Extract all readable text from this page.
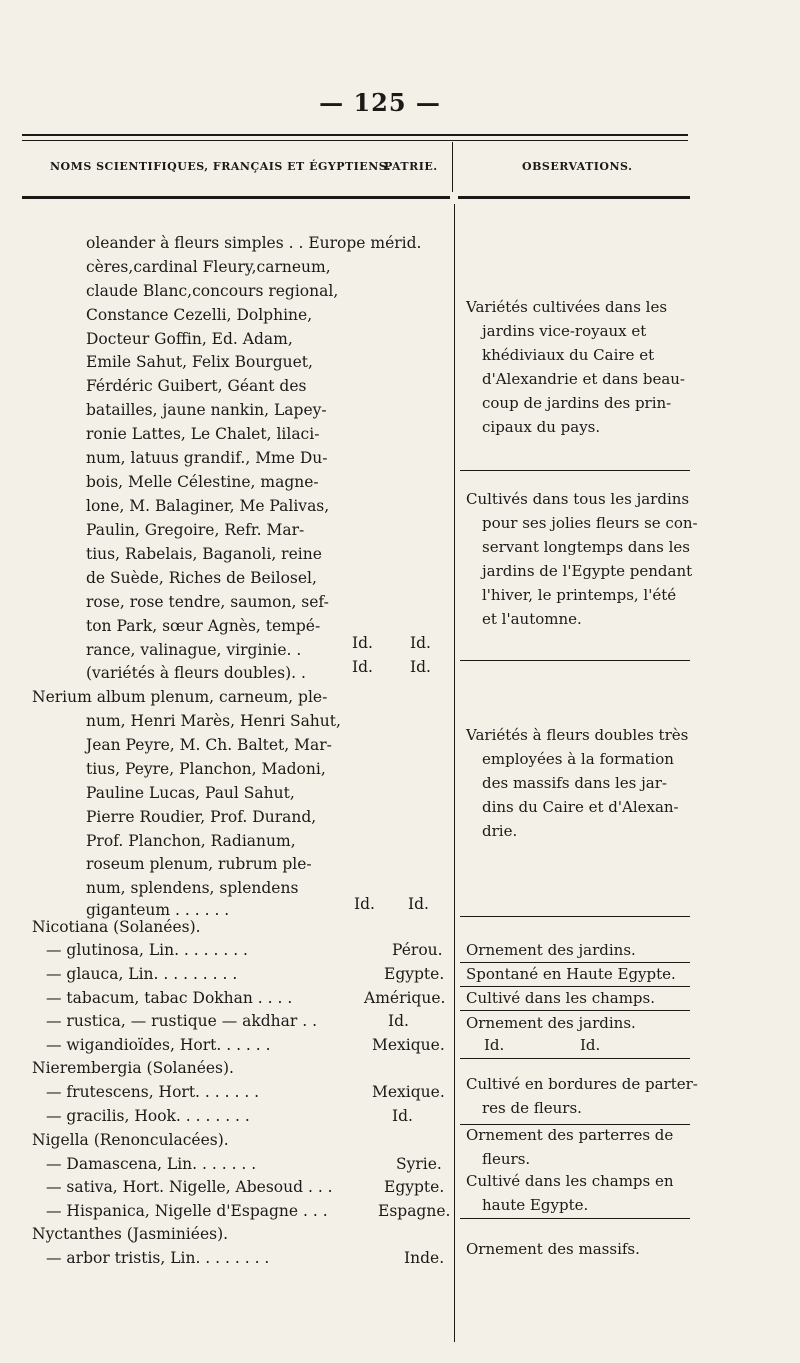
— 125 —
NOMS SCIENTIFIQUES, FRANÇAIS ET ÉGYPTIENS.
PATRIE.	OBSERVATIONS.
oleander à fleurs simples . . Europe mérid.
cères,cardinal Fleury,carneum,
claude Blanc,concours regional,
Constance Cezelli, Dolphine,
Docteur Goffin, Ed. Adam,
Emile Sahut, Felix Bourguet,
Férdéric Guibert, Géant des
batailles, jaune nankin, Lapey-
ronie Lattes, Le Chalet, lilaci-
num, latuus grandif., Mme Du-
bois, Melle Célestine, magne-
lone, M. Balaginer, Me Palivas,
Paulin, Gregoire, Refr. Mar-
tius, Rabelais, Baganoli, reine
de Suède, Riches de Beilosel,
rose, rose tendre, saumon, sef-
ton Park, sœur Agnès, tempé-
rance, valinague, virginie. .
(variétés à fleurs doubles). .
Nerium album plenum, carneum, ple-
num, Henri Marès, Henri Sahut,
Jean Peyre, M. Ch. Baltet, Mar-
tius, Peyre, Planchon, Madoni,
Pauline Lucas, Paul Sahut,
Pierre Roudier, Prof. Durand,
Prof. Planchon, Radianum,
roseum plenum, rubrum ple-
num, splendens, splendens
giganteum . . . . . .
Nicotiana (Solanées).
— glutinosa, Lin. . . . . . . .
— glauca, Lin. . . . . . . . .
— tabacum, tabac Dokhan . . . .
— rustica, — rustique — akdhar . .
— wigandioïdes, Hort. . . . . .
Nierembergia (Solanées).
— frutescens, Hort. . . . . . .
— gracilis, Hook. . . . . . . .
Nigella (Renonculacées).
— Damascena, Lin. . . . . . .
— sativa, Hort. Nigelle, Abesoud . . .
— Hispanica, Nigelle d'Espagne . . .
Nyctanthes (Jasminiées).
— arbor tristis, Lin. . . . . . . .
Id. Id.
Id. Id.
Id. Id.
Pérou.
Egypte.
Amérique.
Id.
Mexique.
Mexique.
Id.
Syrie.
Egypte.
Espagne.
Inde.
Variétés cultivées dans les
jardins vice-royaux et
khédiviaux du Caire et
d'Alexandrie et dans beau-
coup de jardins des prin-
cipaux du pays.
Cultivés dans tous les jardins
pour ses jolies fleurs se con-
servant longtemps dans les
jardins de l'Egypte pendant
l'hiver, le printemps, l'été
et l'automne.
Variétés à fleurs doubles très
employées à la formation
des massifs dans les jar-
dins du Caire et d'Alexan-
drie.
Ornement des jardins.
Spontané en Haute Egypte.
Cultivé dans les champs.
Ornement des jardins.
Id.	Id.
Cultivé en bordures de parter-
res de fleurs.
Ornement des parterres de
fleurs.
Cultivé dans les champs en
haute Egypte.
Ornement des massifs.
